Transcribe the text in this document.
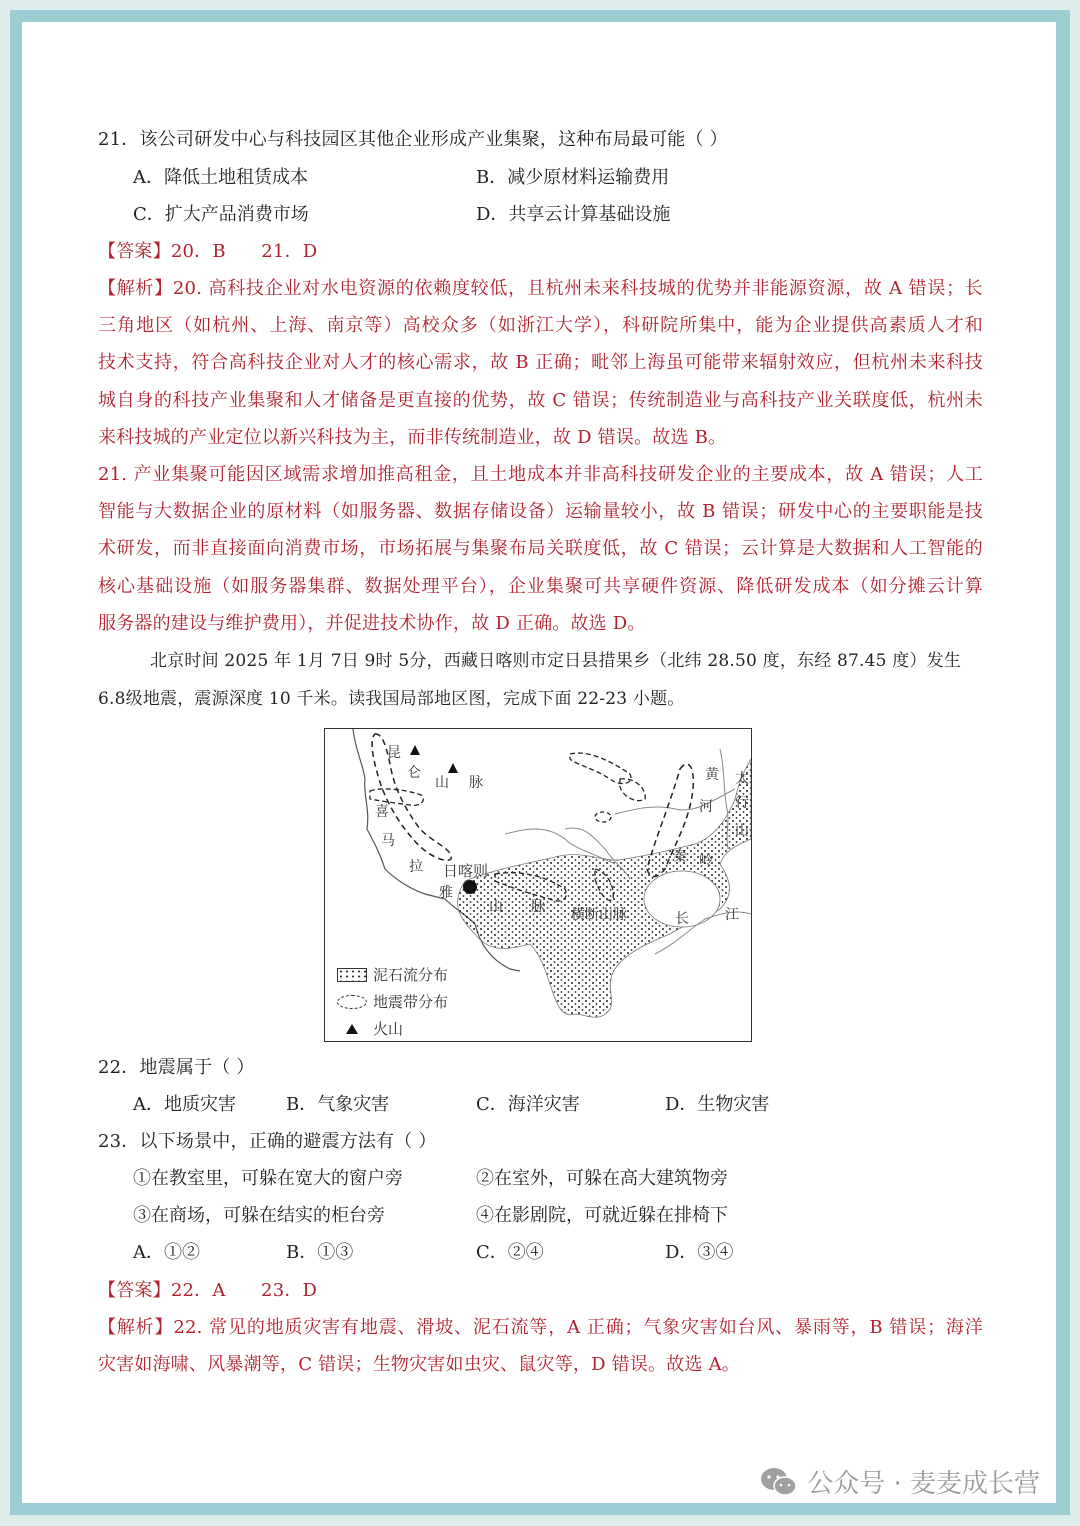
21．该公司研发中心与科技园区其他企业形成产业集聚，这种布局最可能（ ）
A．降低土地租赁成本	B．减少原材料运输费用
C．扩大产品消费市场	D．共享云计算基础设施
【答案】20．B      21．D
【解析】20. 高科技企业对水电资源的依赖度较低，且杭州未来科技城的优势并非能源资源，故 A 错误；长
三角地区（如杭州、上海、南京等）高校众多（如浙江大学），科研院所集中，能为企业提供高素质人才和
技术支持，符合高科技企业对人才的核心需求，故 B 正确；毗邻上海虽可能带来辐射效应，但杭州未来科技
城自身的科技产业集聚和人才储备是更直接的优势，故 C 错误；传统制造业与高科技产业关联度低，杭州未
来科技城的产业定位以新兴科技为主，而非传统制造业，故 D 错误。故选 B。
21. 产业集聚可能因区域需求增加推高租金，且土地成本并非高科技研发企业的主要成本，故 A 错误；人工
智能与大数据企业的原材料（如服务器、数据存储设备）运输量较小，故 B 错误；研发中心的主要职能是技
术研发，而非直接面向消费市场，市场拓展与集聚布局关联度低，故 C 错误；云计算是大数据和人工智能的
核心基础设施（如服务器集群、数据处理平台），企业集聚可共享硬件资源、降低研发成本（如分摊云计算
服务器的建设与维护费用），并促进技术协作，故 D 正确。故选 D。
北京时间 2025 年 1月 7日 9时 5分，西藏日喀则市定日县措果乡（北纬 28.50 度，东经 87.45 度）发生
6.8级地震，震源深度 10 千米。读我国局部地区图，完成下面 22-23 小题。
昆
仑
山 脉
喜
马
拉
雅
山 脉
日喀则
横断山脉
黄
河
太
行
山
秦 岭
长	江
泥石流分布
地震带分布
火山
22．地震属于（ ）
A．地质灾害	B．气象灾害	C．海洋灾害	D．生物灾害
23．以下场景中，正确的避震方法有（ ）
①在教室里，可躲在宽大的窗户旁	②在室外，可躲在高大建筑物旁
③在商场，可躲在结实的柜台旁	④在影剧院，可就近躲在排椅下
A．①②	B．①③	C．②④	D．③④
【答案】22．A      23．D
【解析】22. 常见的地质灾害有地震、滑坡、泥石流等，A 正确；气象灾害如台风、暴雨等，B 错误；海洋
灾害如海啸、风暴潮等，C 错误；生物灾害如虫灾、鼠灾等，D 错误。故选 A。
公众号 · 麦麦成长营
